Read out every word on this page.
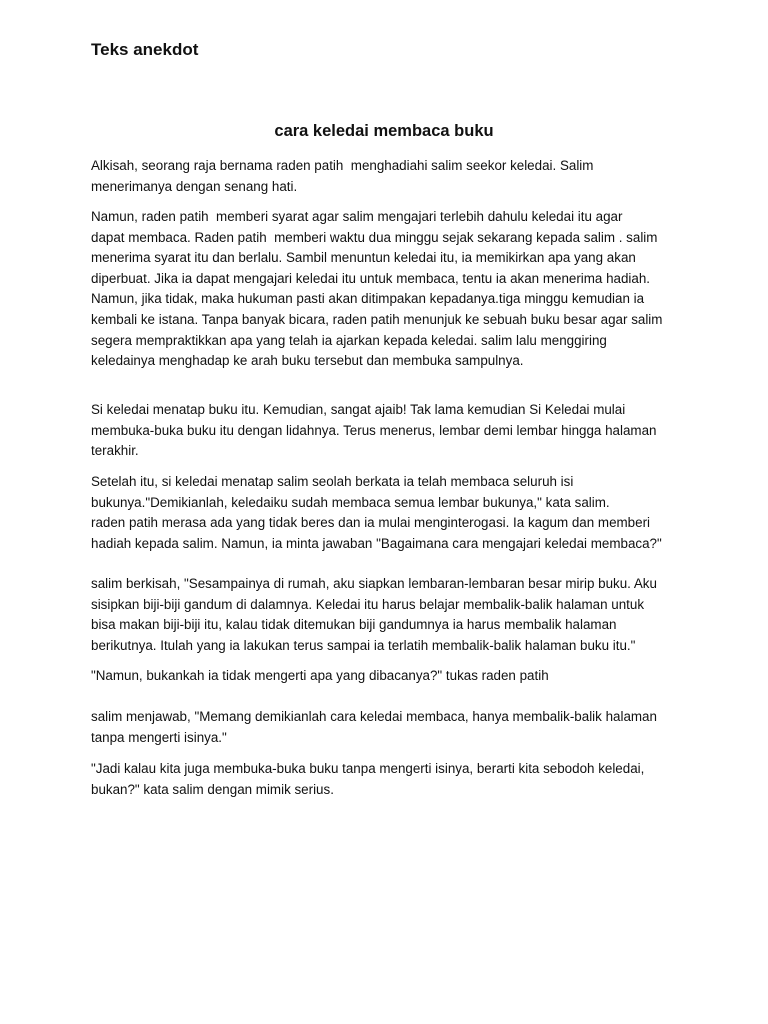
Teks anekdot
cara keledai membaca buku

Alkisah, seorang raja bernama raden patih  menghadiahi salim seekor keledai. Salim
menerimanya dengan senang hati.

Namun, raden patih  memberi syarat agar salim mengajari terlebih dahulu keledai itu agar
dapat membaca. Raden patih  memberi waktu dua minggu sejak sekarang kepada salim . salim
menerima syarat itu dan berlalu. Sambil menuntun keledai itu, ia memikirkan apa yang akan
diperbuat. Jika ia dapat mengajari keledai itu untuk membaca, tentu ia akan menerima hadiah.
Namun, jika tidak, maka hukuman pasti akan ditimpakan kepadanya.tiga minggu kemudian ia
kembali ke istana. Tanpa banyak bicara, raden patih menunjuk ke sebuah buku besar agar salim
segera mempraktikkan apa yang telah ia ajarkan kepada keledai. salim lalu menggiring
keledainya menghadap ke arah buku tersebut dan membuka sampulnya.

Si keledai menatap buku itu. Kemudian, sangat ajaib! Tak lama kemudian Si Keledai mulai
membuka-buka buku itu dengan lidahnya. Terus menerus, lembar demi lembar hingga halaman
terakhir.

Setelah itu, si keledai menatap salim seolah berkata ia telah membaca seluruh isi
bukunya."Demikianlah, keledaiku sudah membaca semua lembar bukunya," kata salim.
raden patih merasa ada yang tidak beres dan ia mulai menginterogasi. Ia kagum dan memberi
hadiah kepada salim. Namun, ia minta jawaban "Bagaimana cara mengajari keledai membaca?"

salim berkisah, "Sesampainya di rumah, aku siapkan lembaran-lembaran besar mirip buku. Aku
sisipkan biji-biji gandum di dalamnya. Keledai itu harus belajar membalik-balik halaman untuk
bisa makan biji-biji itu, kalau tidak ditemukan biji gandumnya ia harus membalik halaman
berikutnya. Itulah yang ia lakukan terus sampai ia terlatih membalik-balik halaman buku itu."

"Namun, bukankah ia tidak mengerti apa yang dibacanya?" tukas raden patih

salim menjawab, "Memang demikianlah cara keledai membaca, hanya membalik-balik halaman
tanpa mengerti isinya."

"Jadi kalau kita juga membuka-buka buku tanpa mengerti isinya, berarti kita sebodoh keledai,
bukan?" kata salim dengan mimik serius.
